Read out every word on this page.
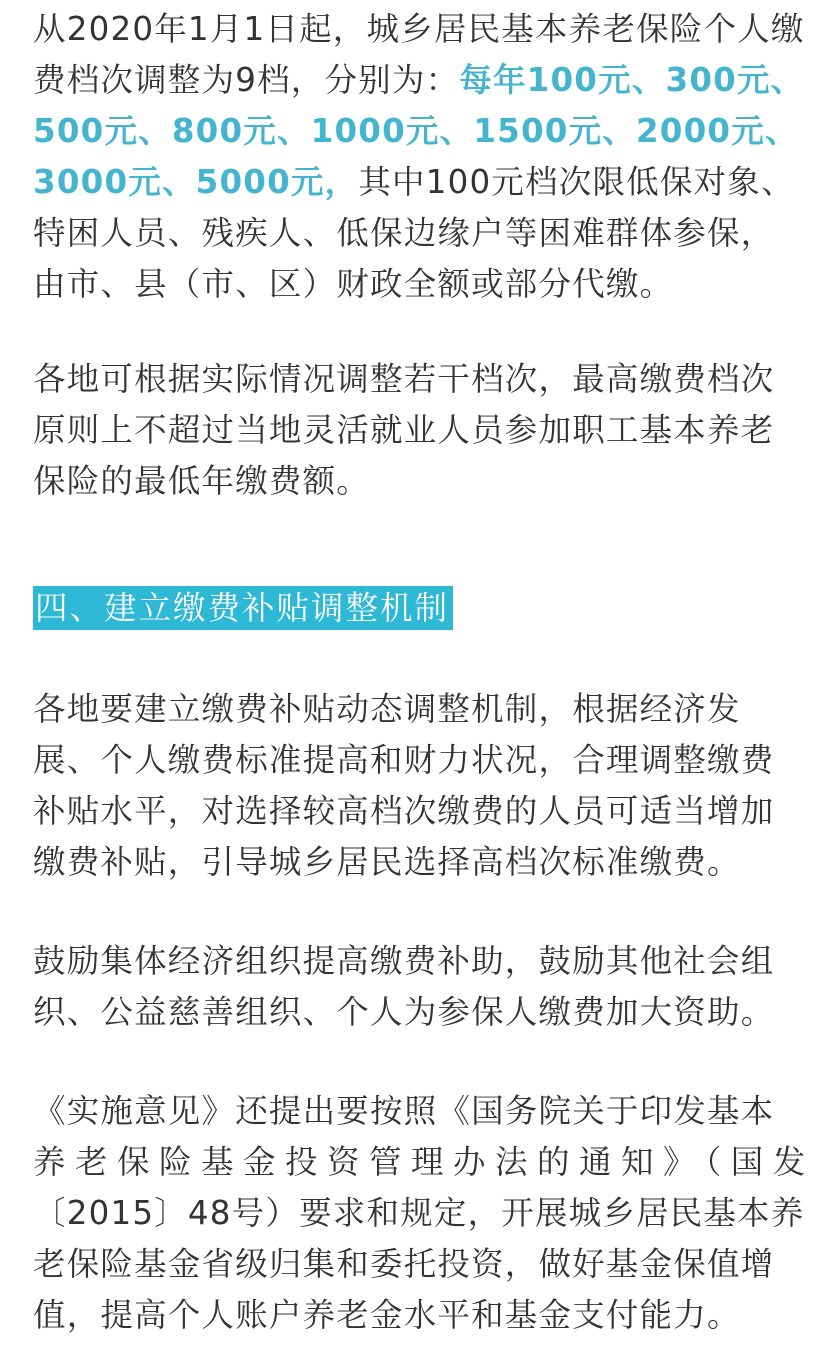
从2020年1月1日起，城乡居民基本养老保险个人缴
费档次调整为9档，分别为：每年100元、300元、
500元、800元、1000元、1500元、2000元、
3000元、5000元，其中100元档次限低保对象、
特困人员、残疾人、低保边缘户等困难群体参保，
由市、县（市、区）财政全额或部分代缴。

各地可根据实际情况调整若干档次，最高缴费档次
原则上不超过当地灵活就业人员参加职工基本养老
保险的最低年缴费额。

四、建立缴费补贴调整机制

各地要建立缴费补贴动态调整机制，根据经济发
展、个人缴费标准提高和财力状况，合理调整缴费
补贴水平，对选择较高档次缴费的人员可适当增加
缴费补贴，引导城乡居民选择高档次标准缴费。

鼓励集体经济组织提高缴费补助，鼓励其他社会组
织、公益慈善组织、个人为参保人缴费加大资助。

《实施意见》还提出要按照《国务院关于印发基本
养老保险基金投资管理办法的通知》（国发
〔2015〕48号）要求和规定，开展城乡居民基本养
老保险基金省级归集和委托投资，做好基金保值增
值，提高个人账户养老金水平和基金支付能力。
